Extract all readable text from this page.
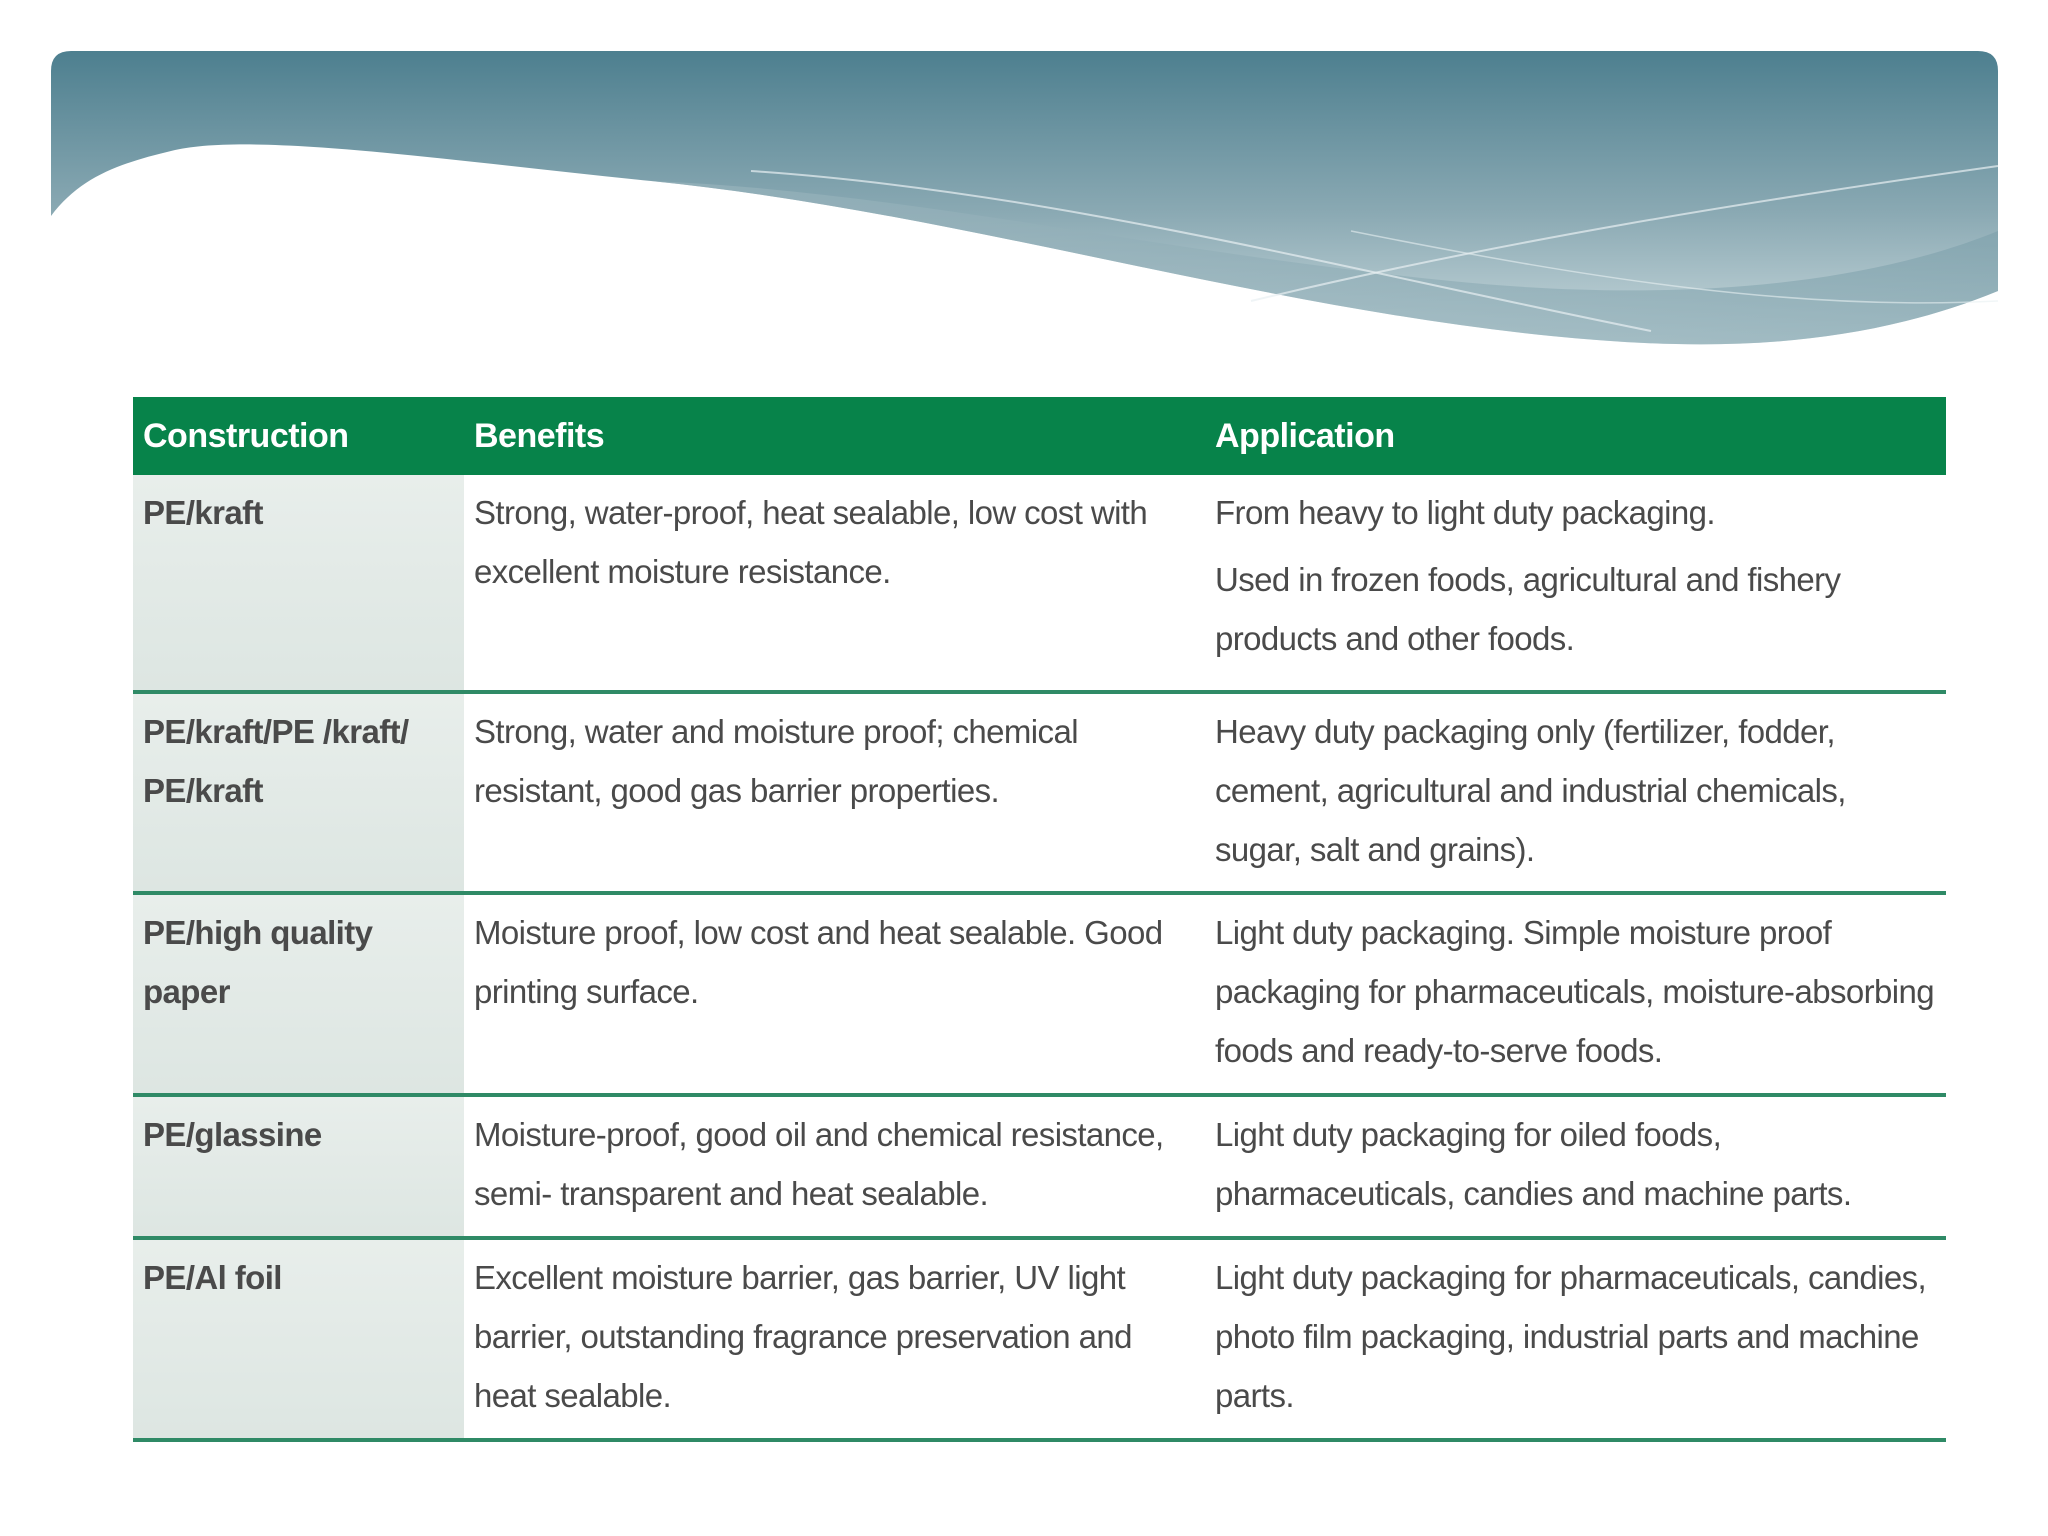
Construction	Benefits	Application
PE/kraft	Strong, water-proof, heat sealable, low cost with excellent moisture resistance.	From heavy to light duty packaging.
Used in frozen foods, agricultural and fishery products and other foods.

PE/kraft/PE /kraft/ PE/kraft	Strong, water and moisture proof; chemical resistant, good gas barrier properties.	Heavy duty packaging only (fertilizer, fodder, cement, agricultural and industrial chemicals, sugar, salt and grains).

PE/high quality paper	Moisture proof, low cost and heat sealable. Good printing surface.	Light duty packaging. Simple moisture proof packaging for pharmaceuticals, moisture-absorbing foods and ready-to-serve foods.

PE/glassine	Moisture-proof, good oil and chemical resistance, semi- transparent and heat sealable.	Light duty packaging for oiled foods, pharmaceuticals, candies and machine parts.

PE/Al foil	Excellent moisture barrier, gas barrier, UV light barrier, outstanding fragrance preservation and heat sealable.	Light duty packaging for pharmaceuticals, candies, photo film packaging, industrial parts and machine parts.
